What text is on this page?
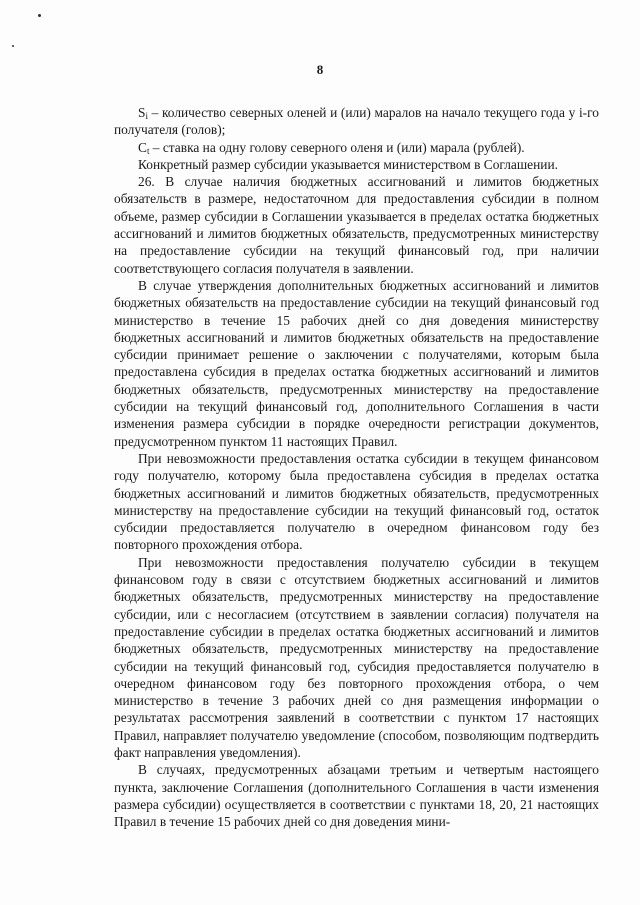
8

$S_i$ – количество северных оленей и (или) маралов на начало текущего года у i-го получателя (голов);

$C_t$ – ставка на одну голову северного оленя и (или) марала (рублей).

Конкретный размер субсидии указывается министерством в Соглашении.

26. В случае наличия бюджетных ассигнований и лимитов бюджетных обязательств в размере, недостаточном для предоставления субсидии в полном объеме, размер субсидии в Соглашении указывается в пределах остатка бюджетных ассигнований и лимитов бюджетных обязательств, предусмотренных министерству на предоставление субсидии на текущий финансовый год, при наличии соответствующего согласия получателя в заявлении.

В случае утверждения дополнительных бюджетных ассигнований и лимитов бюджетных обязательств на предоставление субсидии на текущий финансовый год министерство в течение 15 рабочих дней со дня доведения министерству бюджетных ассигнований и лимитов бюджетных обязательств на предоставление субсидии принимает решение о заключении с получателями, которым была предоставлена субсидия в пределах остатка бюджетных ассигнований и лимитов бюджетных обязательств, предусмотренных министерству на предоставление субсидии на текущий финансовый год, дополнительного Соглашения в части изменения размера субсидии в порядке очередности регистрации документов, предусмотренном пунктом 11 настоящих Правил.

При невозможности предоставления остатка субсидии в текущем финансовом году получателю, которому была предоставлена субсидия в пределах остатка бюджетных ассигнований и лимитов бюджетных обязательств, предусмотренных министерству на предоставление субсидии на текущий финансовый год, остаток субсидии предоставляется получателю в очередном финансовом году без повторного прохождения отбора.

При невозможности предоставления получателю субсидии в текущем финансовом году в связи с отсутствием бюджетных ассигнований и лимитов бюджетных обязательств, предусмотренных министерству на предоставление субсидии, или с несогласием (отсутствием в заявлении согласия) получателя на предоставление субсидии в пределах остатка бюджетных ассигнований и лимитов бюджетных обязательств, предусмотренных министерству на предоставление субсидии на текущий финансовый год, субсидия предоставляется получателю в очередном финансовом году без повторного прохождения отбора, о чем министерство в течение 3 рабочих дней со дня размещения информации о результатах рассмотрения заявлений в соответствии с пунктом 17 настоящих Правил, направляет получателю уведомление (способом, позволяющим подтвердить факт направления уведомления).

В случаях, предусмотренных абзацами третьим и четвертым настоящего пункта, заключение Соглашения (дополнительного Соглашения в части изменения размера субсидии) осуществляется в соответствии с пунктами 18, 20, 21 настоящих Правил в течение 15 рабочих дней со дня доведения мини-
